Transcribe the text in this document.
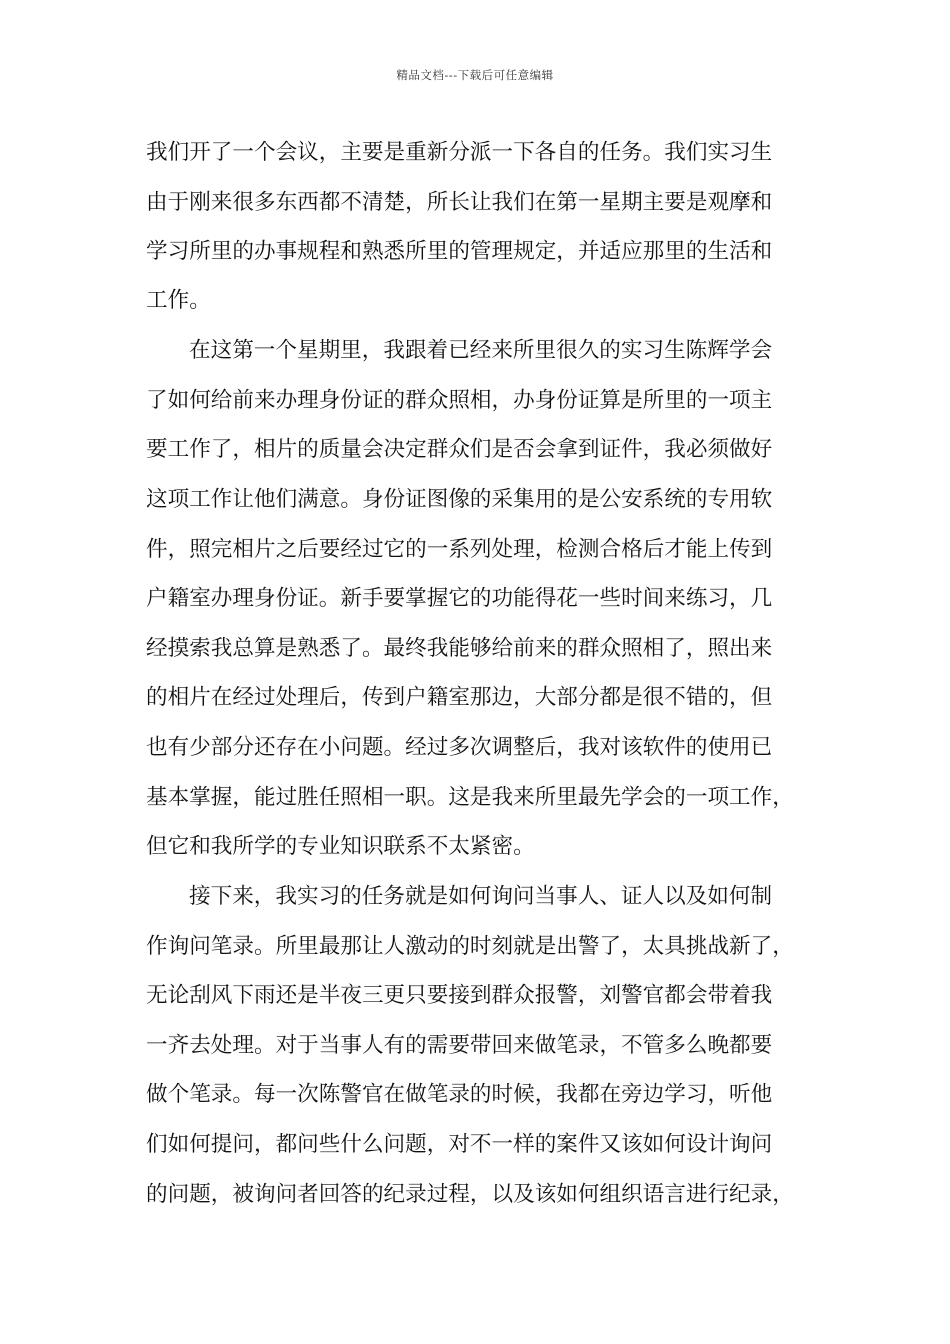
精品文档---下载后可任意编辑
我们开了一个会议，主要是重新分派一下各自的任务。我们实习生
由于刚来很多东西都不清楚，所长让我们在第一星期主要是观摩和
学习所里的办事规程和熟悉所里的管理规定，并适应那里的生活和
工作。
在这第一个星期里，我跟着已经来所里很久的实习生陈辉学会
了如何给前来办理身份证的群众照相，办身份证算是所里的一项主
要工作了，相片的质量会决定群众们是否会拿到证件，我必须做好
这项工作让他们满意。身份证图像的采集用的是公安系统的专用软
件，照完相片之后要经过它的一系列处理，检测合格后才能上传到
户籍室办理身份证。新手要掌握它的功能得花一些时间来练习，几
经摸索我总算是熟悉了。最终我能够给前来的群众照相了，照出来
的相片在经过处理后，传到户籍室那边，大部分都是很不错的，但
也有少部分还存在小问题。经过多次调整后，我对该软件的使用已
基本掌握，能过胜任照相一职。这是我来所里最先学会的一项工作，
但它和我所学的专业知识联系不太紧密。
接下来，我实习的任务就是如何询问当事人、证人以及如何制
作询问笔录。所里最那让人激动的时刻就是出警了，太具挑战新了，
无论刮风下雨还是半夜三更只要接到群众报警，刘警官都会带着我
一齐去处理。对于当事人有的需要带回来做笔录，不管多么晚都要
做个笔录。每一次陈警官在做笔录的时候，我都在旁边学习，听他
们如何提问，都问些什么问题，对不一样的案件又该如何设计询问
的问题，被询问者回答的纪录过程，以及该如何组织语言进行纪录，
